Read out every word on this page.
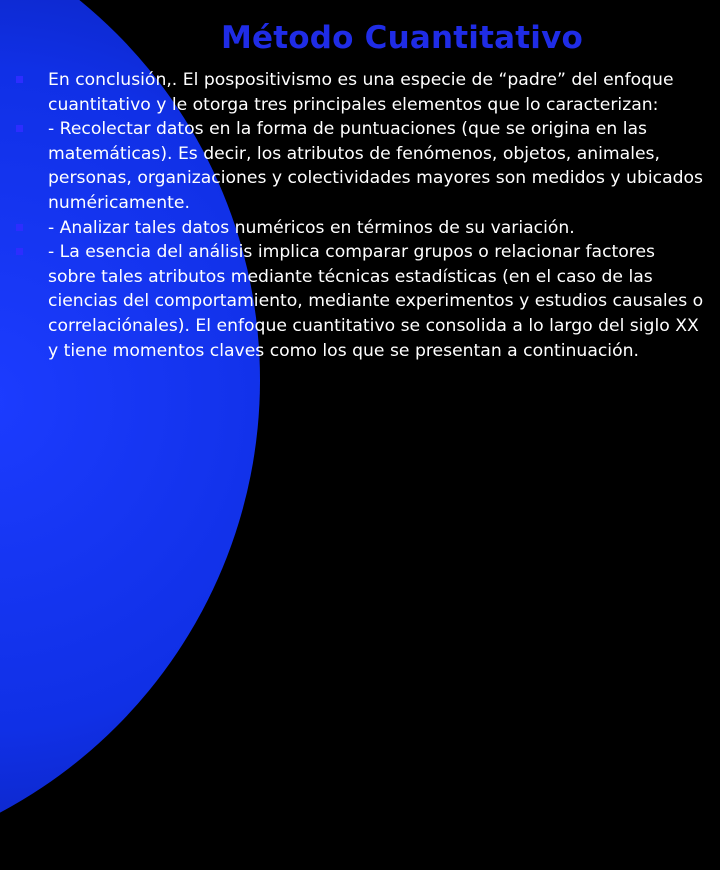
Método Cuantitativo
En conclusión,. El pospositivismo es una especie de “padre” del enfoque cuantitativo y le otorga tres principales elementos que lo caracterizan:
- Recolectar datos en la forma de puntuaciones (que se origina en las matemáticas). Es decir, los atributos de fenómenos, objetos, animales, personas, organizaciones y colectividades mayores son medidos y ubicados numéricamente.
- Analizar tales datos numéricos en términos de su variación.
- La esencia del análisis implica comparar grupos o relacionar factores sobre tales atributos mediante técnicas estadísticas (en el caso de las ciencias del comportamiento, mediante experimentos y estudios causales o correlaciónales). El enfoque cuantitativo se consolida a lo largo del siglo XX y tiene momentos claves como los que se presentan a continuación.
